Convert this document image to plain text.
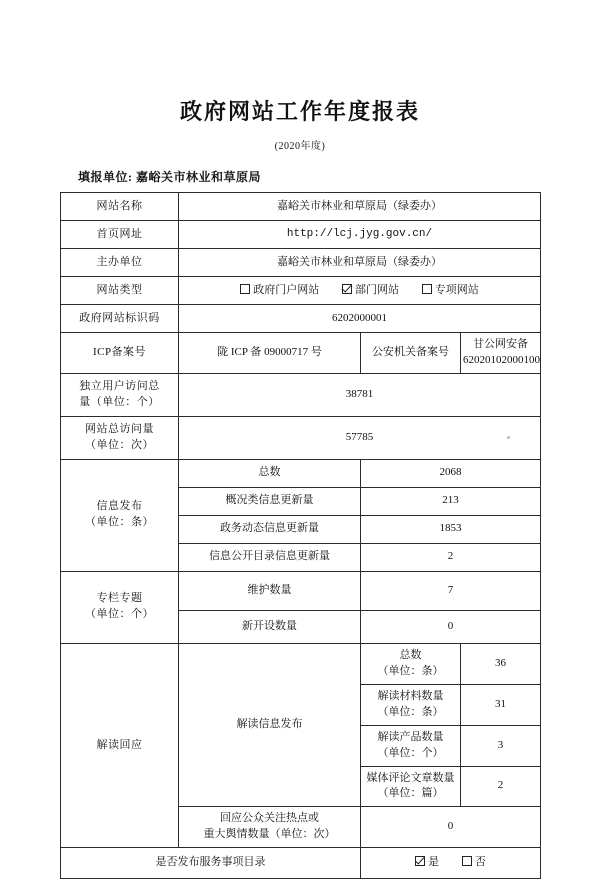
政府网站工作年度报表
(2020年度)
填报单位: 嘉峪关市林业和草原局
网站名称	嘉峪关市林业和草原局（绿委办）		
首页网址	http://lcj.jyg.gov.cn/		
主办单位	嘉峪关市林业和草原局（绿委办）		
网站类型	政府门户网站 部门网站 专项网站		
政府网站标识码	6202000001		
ICP备案号	陇 ICP 备 09000717 号	公安机关备案号	甘公网安备
62020102000100

独立用户访问总
量（单位：个）	38781		

网站总访问量
（单位：次）	57785		

信息发布
（单位：条）	总数	2068	
	概况类信息更新量	213	
	政务动态信息更新量	1853	
	信息公开目录信息更新量	2	

专栏专题
（单位：个）	维护数量	7	
	新开设数量	0	
解读回应	解读信息发布	总数
（单位：条）	36

		解读材料数量
（单位：条）	31

		解读产品数量
（单位：个）	3

		媒体评论文章数量
（单位：篇）	2

	回应公众关注热点或
重大舆情数量（单位：次）	0	
是否发布服务事项目录		是 否	
